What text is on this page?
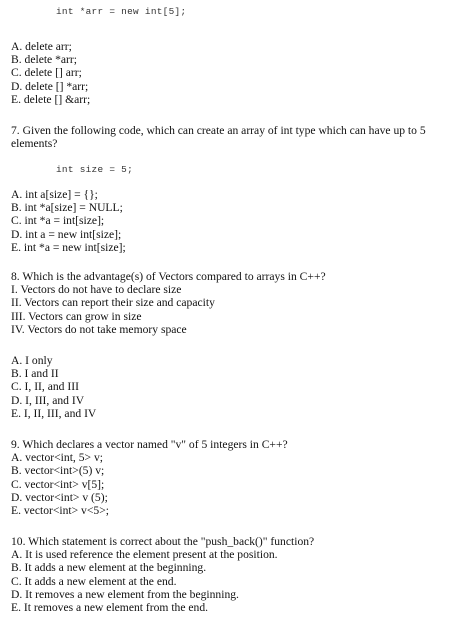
int *arr = new int[5];
A. delete arr;
B. delete *arr;
C. delete [] arr;
D. delete [] *arr;
E. delete [] &arr;
7. Given the following code, which can create an array of int type which can have up to 5 elements?
int size = 5;
A. int a[size] = {};
B. int *a[size] = NULL;
C. int *a = int[size];
D. int a = new int[size];
E. int *a = new int[size];
8. Which is the advantage(s) of Vectors compared to arrays in C++?
I. Vectors do not have to declare size
II. Vectors can report their size and capacity
III. Vectors can grow in size
IV. Vectors do not take memory space
A. I only
B. I and II
C. I, II, and III
D. I, III, and IV
E. I, II, III, and IV
9. Which declares a vector named "v" of 5 integers in C++?
A. vector<int, 5> v;
B. vector<int>(5) v;
C. vector<int> v[5];
D. vector<int> v (5);
E. vector<int> v<5>;
10. Which statement is correct about the "push_back()" function?
A. It is used reference the element present at the position.
B. It adds a new element at the beginning.
C. It adds a new element at the end.
D. It removes a new element from the beginning.
E. It removes a new element from the end.
